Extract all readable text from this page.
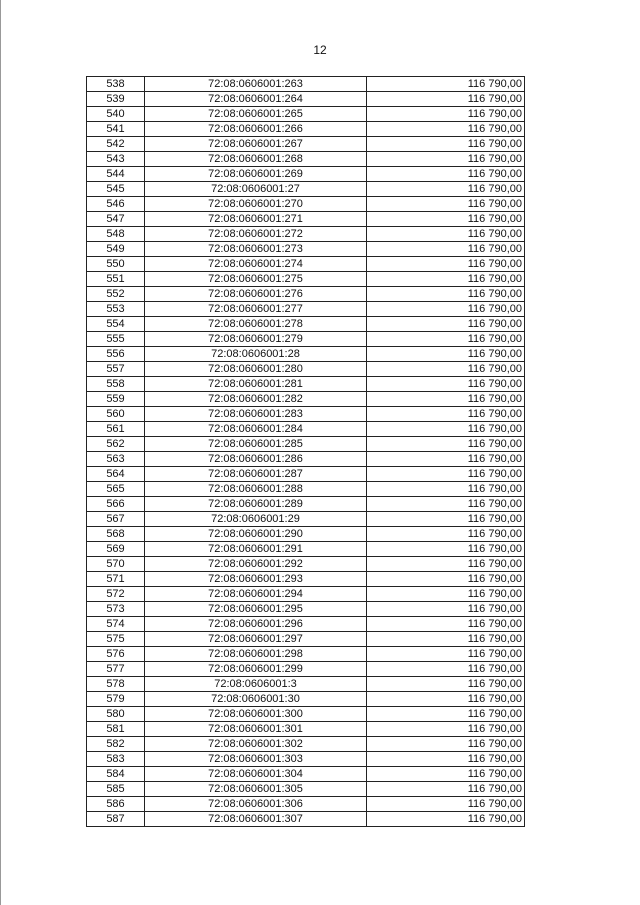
12
538	72:08:0606001:263	116 790,00
539	72:08:0606001:264	116 790,00
540	72:08:0606001:265	116 790,00
541	72:08:0606001:266	116 790,00
542	72:08:0606001:267	116 790,00
543	72:08:0606001:268	116 790,00
544	72:08:0606001:269	116 790,00
545	72:08:0606001:27	116 790,00
546	72:08:0606001:270	116 790,00
547	72:08:0606001:271	116 790,00
548	72:08:0606001:272	116 790,00
549	72:08:0606001:273	116 790,00
550	72:08:0606001:274	116 790,00
551	72:08:0606001:275	116 790,00
552	72:08:0606001:276	116 790,00
553	72:08:0606001:277	116 790,00
554	72:08:0606001:278	116 790,00
555	72:08:0606001:279	116 790,00
556	72:08:0606001:28	116 790,00
557	72:08:0606001:280	116 790,00
558	72:08:0606001:281	116 790,00
559	72:08:0606001:282	116 790,00
560	72:08:0606001:283	116 790,00
561	72:08:0606001:284	116 790,00
562	72:08:0606001:285	116 790,00
563	72:08:0606001:286	116 790,00
564	72:08:0606001:287	116 790,00
565	72:08:0606001:288	116 790,00
566	72:08:0606001:289	116 790,00
567	72:08:0606001:29	116 790,00
568	72:08:0606001:290	116 790,00
569	72:08:0606001:291	116 790,00
570	72:08:0606001:292	116 790,00
571	72:08:0606001:293	116 790,00
572	72:08:0606001:294	116 790,00
573	72:08:0606001:295	116 790,00
574	72:08:0606001:296	116 790,00
575	72:08:0606001:297	116 790,00
576	72:08:0606001:298	116 790,00
577	72:08:0606001:299	116 790,00
578	72:08:0606001:3	116 790,00
579	72:08:0606001:30	116 790,00
580	72:08:0606001:300	116 790,00
581	72:08:0606001:301	116 790,00
582	72:08:0606001:302	116 790,00
583	72:08:0606001:303	116 790,00
584	72:08:0606001:304	116 790,00
585	72:08:0606001:305	116 790,00
586	72:08:0606001:306	116 790,00
587	72:08:0606001:307	116 790,00
